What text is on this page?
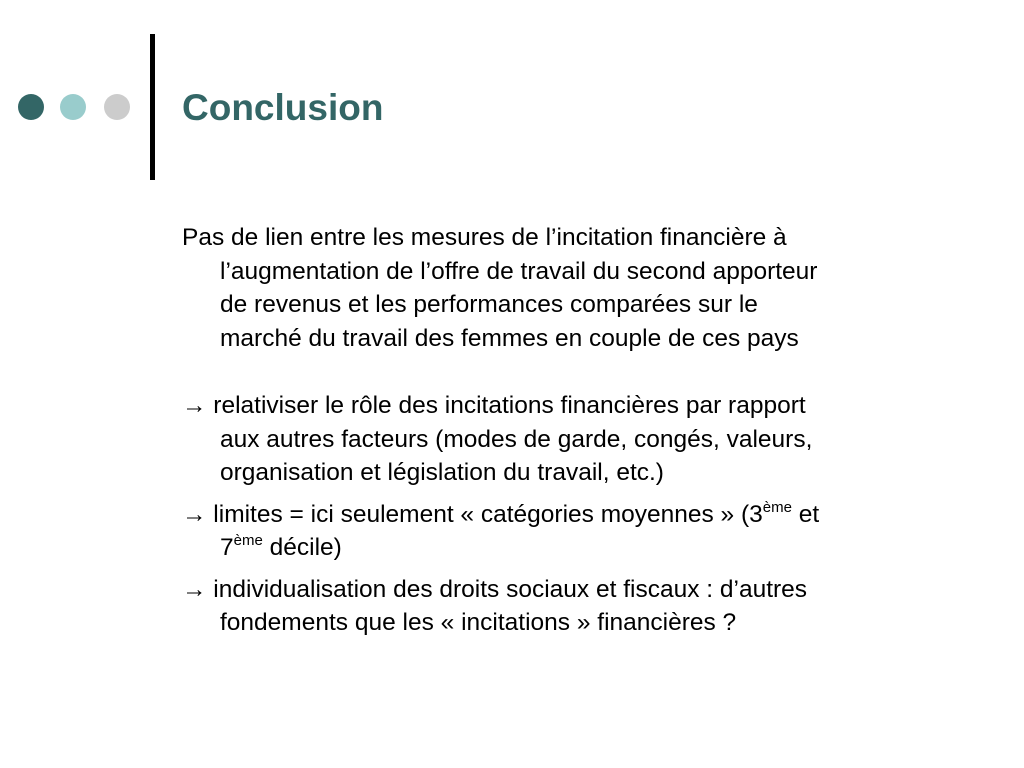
Conclusion

Pas de lien entre les mesures de l’incitation financière à
l’augmentation de l’offre de travail du second apporteur
de revenus et les performances comparées sur le
marché du travail des femmes en couple de ces pays

→ relativiser le rôle des incitations financières par rapport
aux autres facteurs (modes de garde, congés, valeurs,
organisation et législation du travail, etc.)

→ limites = ici seulement « catégories moyennes » (3ème et
7ème décile)

→ individualisation des droits sociaux et fiscaux : d’autres
fondements que les « incitations » financières ?
